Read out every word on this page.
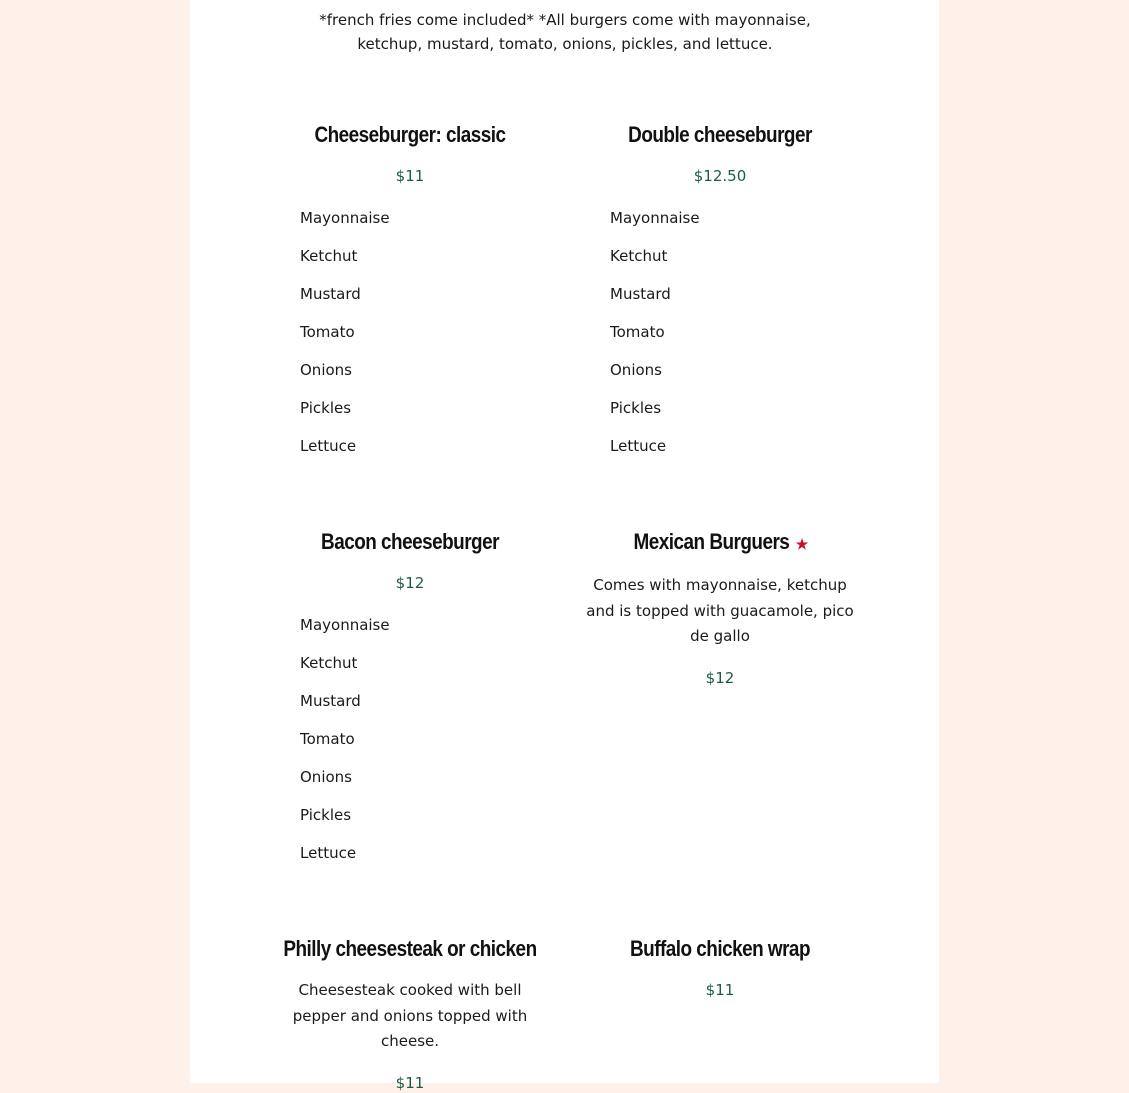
*french fries come included* *All burgers come with mayonnaise, ketchup, mustard, tomato, onions, pickles, and lettuce.
Cheeseburger: classic
$11
Mayonnaise
Ketchut
Mustard
Tomato
Onions
Pickles
Lettuce
Double cheeseburger
$12.50
Mayonnaise
Ketchut
Mustard
Tomato
Onions
Pickles
Lettuce
Bacon cheeseburger
$12
Mayonnaise
Ketchut
Mustard
Tomato
Onions
Pickles
Lettuce
Mexican Burguers ★
Comes with mayonnaise, ketchup and is topped with guacamole, pico de gallo
$12
Philly cheesesteak or chicken
Cheesesteak cooked with bell pepper and onions topped with cheese.
$11
Buffalo chicken wrap
$11
